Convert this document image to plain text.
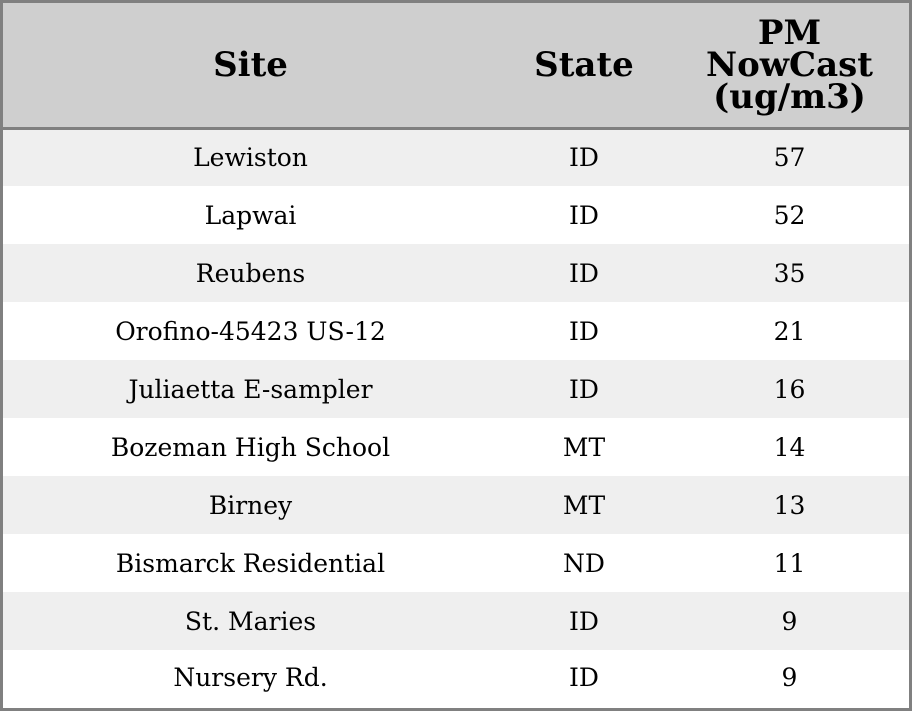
Site	State	PM
NowCast
(ug/m3)
Lewiston	ID	57
Lapwai	ID	52
Reubens	ID	35
Orofino-45423 US-12	ID	21
Juliaetta E-sampler	ID	16
Bozeman High School	MT	14
Birney	MT	13
Bismarck Residential	ND	11
St. Maries	ID	9
Nursery Rd.	ID	9
